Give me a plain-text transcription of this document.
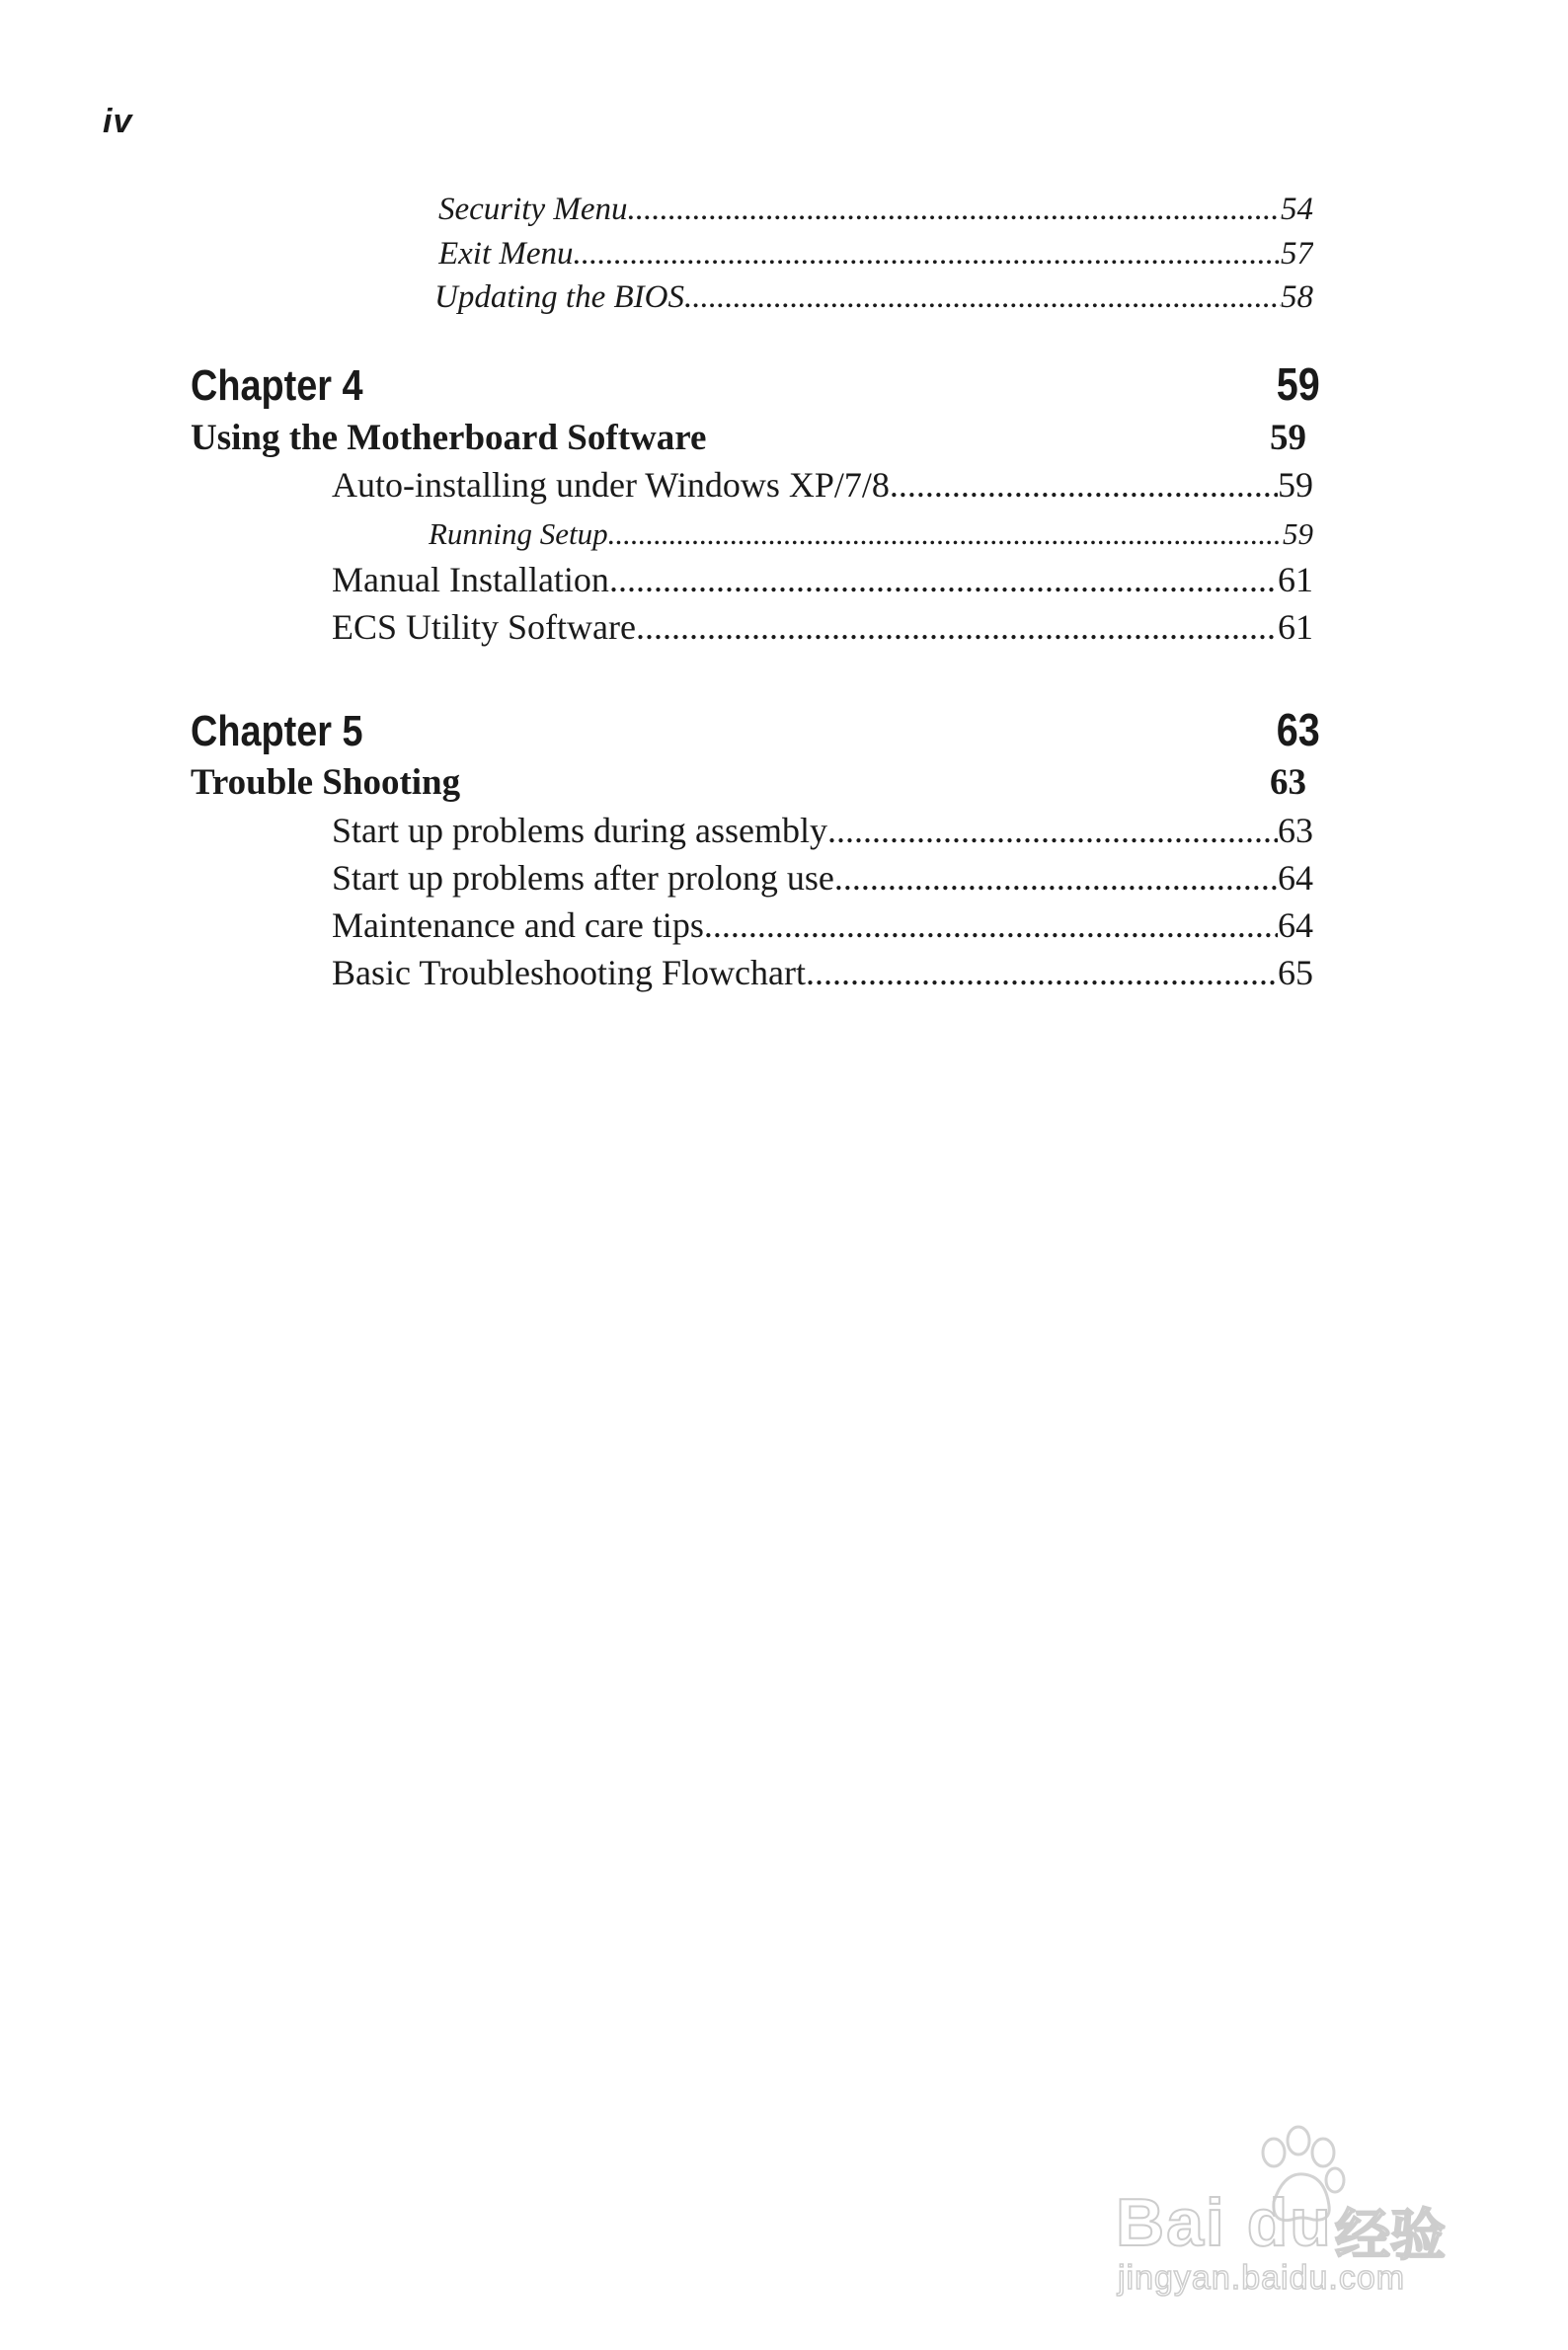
iv
Security Menu .....	54
Exit Menu .....	57
Updating the BIOS .....	58
Chapter 4	59
Using the Motherboard Software	59
Auto-installing under Windows XP/7/8 .....	59
Running Setup .....	59
Manual Installation .....	61
ECS Utility Software .....	61
Chapter 5	63
Trouble Shooting	63
Start up problems during assembly .....	63
Start up problems after prolong use .....	64
Maintenance and care tips .....	64
Basic Troubleshooting Flowchart .....	65
Bai du 经验
jingyan.baidu.com
